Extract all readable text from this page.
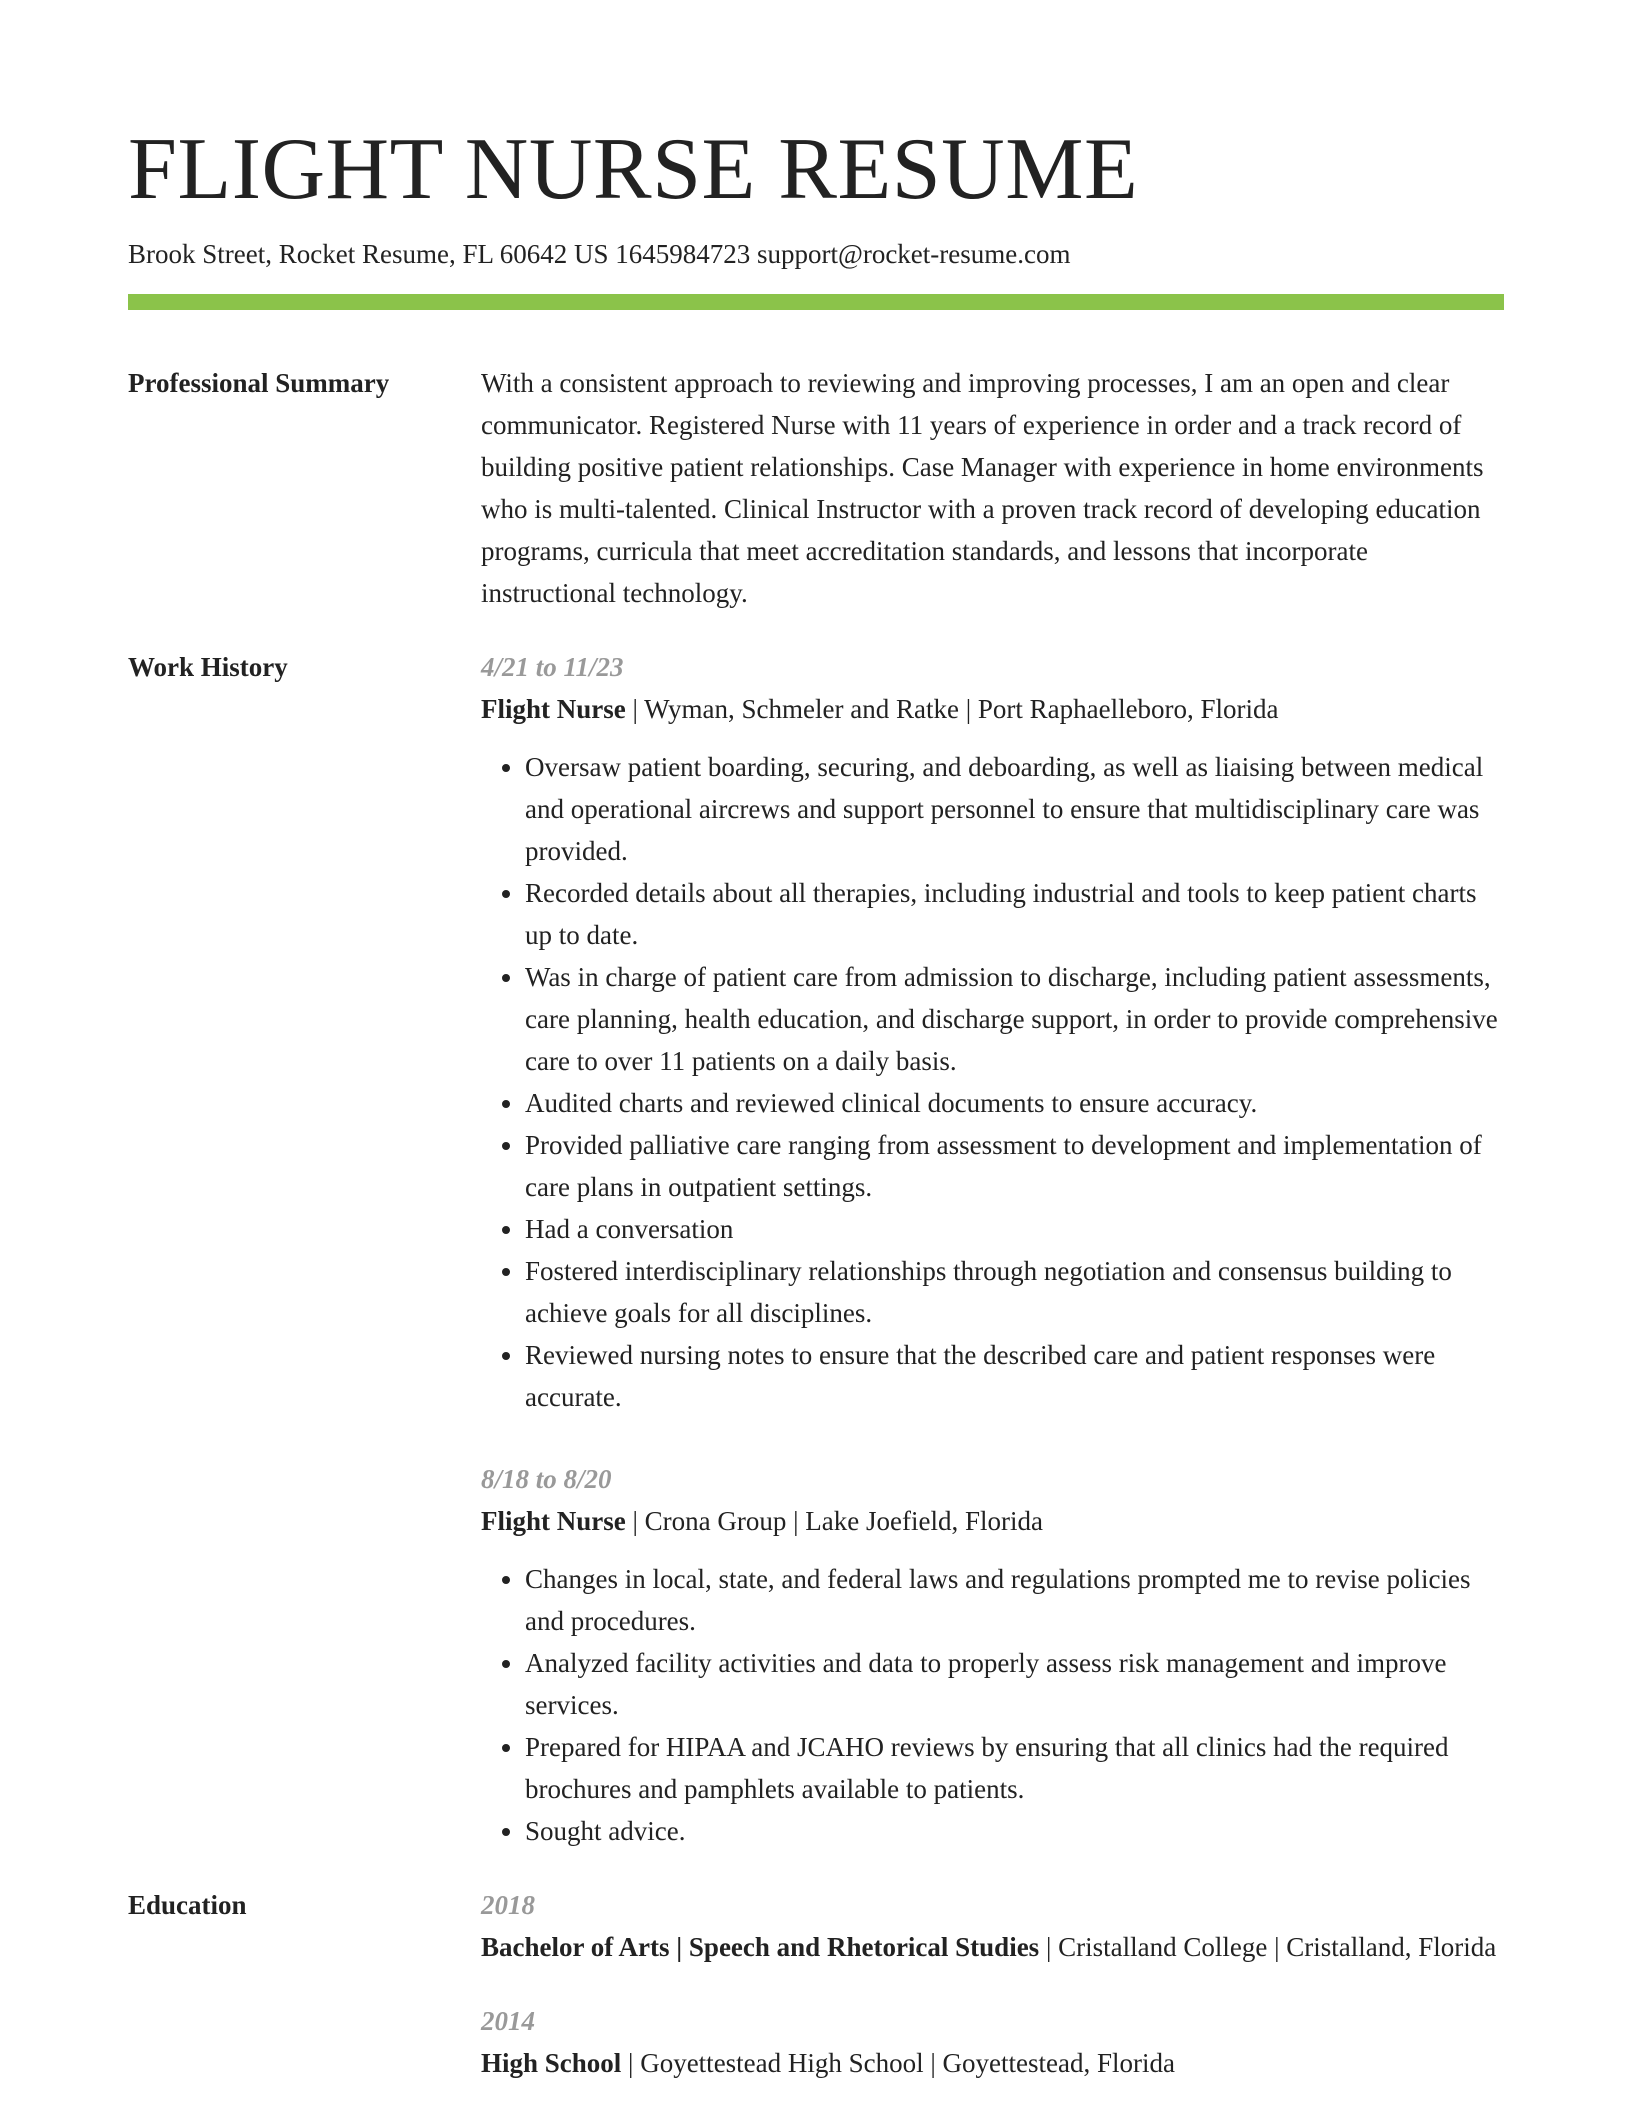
FLIGHT NURSE RESUME
Brook Street, Rocket Resume, FL 60642 US 1645984723 support@rocket-resume.com
Professional Summary	With a consistent approach to reviewing and improving processes, I am an open and clear communicator. Registered Nurse with 11 years of experience in order and a track record of building positive patient relationships. Case Manager with experience in home environments who is multi-talented. Clinical Instructor with a proven track record of developing education programs, curricula that meet accreditation standards, and lessons that incorporate instructional technology.
Work History	4/21 to 11/23
Flight Nurse | Wyman, Schmeler and Ratke | Port Raphaelleboro, Florida
• Oversaw patient boarding, securing, and deboarding, as well as liaising between medical and operational aircrews and support personnel to ensure that multidisciplinary care was provided.
• Recorded details about all therapies, including industrial and tools to keep patient charts up to date.
• Was in charge of patient care from admission to discharge, including patient assessments, care planning, health education, and discharge support, in order to provide comprehensive care to over 11 patients on a daily basis.
• Audited charts and reviewed clinical documents to ensure accuracy.
• Provided palliative care ranging from assessment to development and implementation of care plans in outpatient settings.
• Had a conversation
• Fostered interdisciplinary relationships through negotiation and consensus building to achieve goals for all disciplines.
• Reviewed nursing notes to ensure that the described care and patient responses were accurate.
8/18 to 8/20
Flight Nurse | Crona Group | Lake Joefield, Florida
• Changes in local, state, and federal laws and regulations prompted me to revise policies and procedures.
• Analyzed facility activities and data to properly assess risk management and improve services.
• Prepared for HIPAA and JCAHO reviews by ensuring that all clinics had the required brochures and pamphlets available to patients.
• Sought advice.
Education	2018
Bachelor of Arts | Speech and Rhetorical Studies | Cristalland College | Cristalland, Florida
2014
High School | Goyettestead High School | Goyettestead, Florida
